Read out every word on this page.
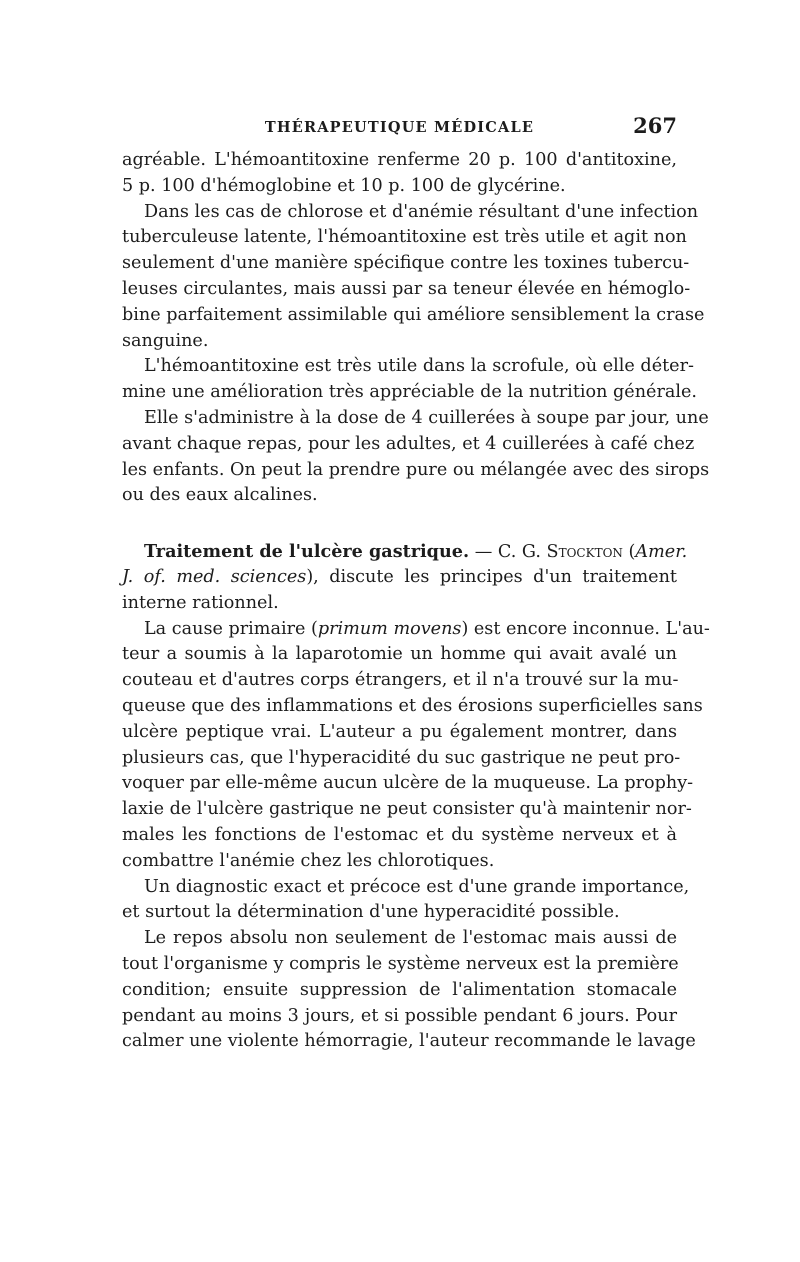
THÉRAPEUTIQUE MÉDICALE	267
agréable. L'hémoantitoxine renferme 20 p. 100 d'antitoxine,
5 p. 100 d'hémoglobine et 10 p. 100 de glycérine.
Dans les cas de chlorose et d'anémie résultant d'une infection
tuberculeuse latente, l'hémoantitoxine est très utile et agit non
seulement d'une manière spécifique contre les toxines tubercu-
leuses circulantes, mais aussi par sa teneur élevée en hémoglo-
bine parfaitement assimilable qui améliore sensiblement la crase
sanguine.
L'hémoantitoxine est très utile dans la scrofule, où elle déter-
mine une amélioration très appréciable de la nutrition générale.
Elle s'administre à la dose de 4 cuillerées à soupe par jour, une
avant chaque repas, pour les adultes, et 4 cuillerées à café chez
les enfants. On peut la prendre pure ou mélangée avec des sirops
ou des eaux alcalines.
Traitement de l'ulcère gastrique. — C. G. Stockton (Amer.
J. of. med. sciences), discute les principes d'un traitement
interne rationnel.
La cause primaire (primum movens) est encore inconnue. L'au-
teur a soumis à la laparotomie un homme qui avait avalé un
couteau et d'autres corps étrangers, et il n'a trouvé sur la mu-
queuse que des inflammations et des érosions superficielles sans
ulcère peptique vrai. L'auteur a pu également montrer, dans
plusieurs cas, que l'hyperacidité du suc gastrique ne peut pro-
voquer par elle-même aucun ulcère de la muqueuse. La prophy-
laxie de l'ulcère gastrique ne peut consister qu'à maintenir nor-
males les fonctions de l'estomac et du système nerveux et à
combattre l'anémie chez les chlorotiques.
Un diagnostic exact et précoce est d'une grande importance,
et surtout la détermination d'une hyperacidité possible.
Le repos absolu non seulement de l'estomac mais aussi de
tout l'organisme y compris le système nerveux est la première
condition; ensuite suppression de l'alimentation stomacale
pendant au moins 3 jours, et si possible pendant 6 jours. Pour
calmer une violente hémorragie, l'auteur recommande le lavage
